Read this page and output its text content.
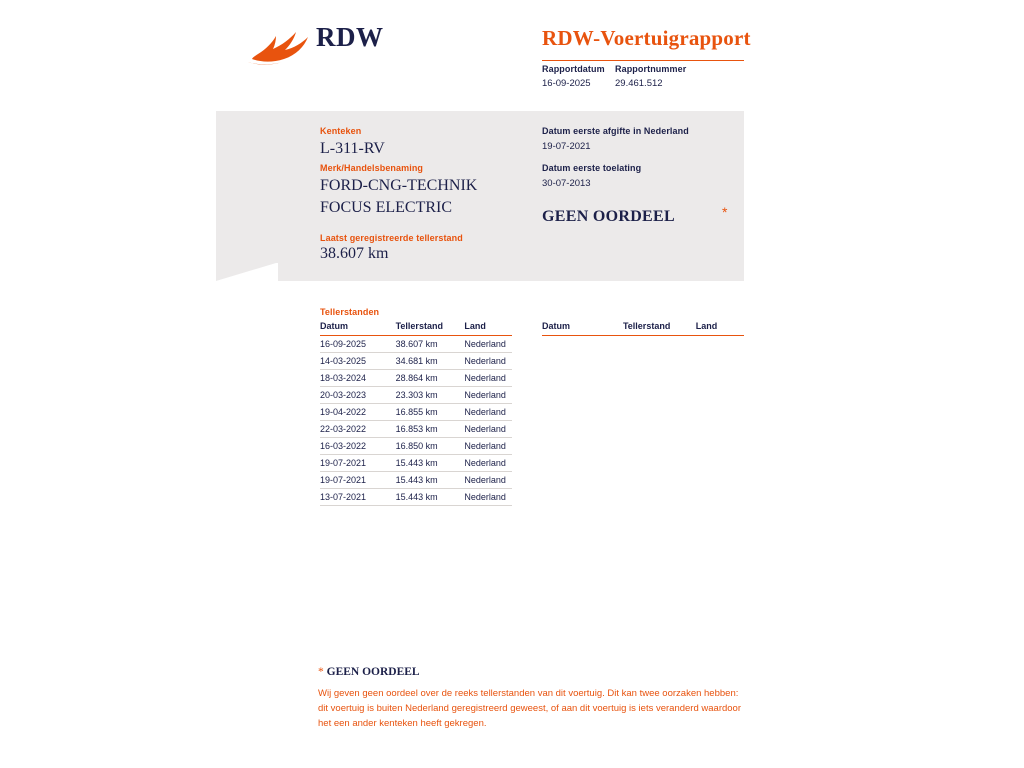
RDW	RDW-Voertuigrapport
Rapportdatum
16-09-2025
Rapportnummer
29.461.512
Kenteken
L-311-RV
Merk/Handelsbenaming
FORD-CNG-TECHNIK
FOCUS ELECTRIC
Laatst geregistreerde tellerstand
38.607 km
Datum eerste afgifte in Nederland
19-07-2021
Datum eerste toelating
30-07-2013
GEEN OORDEEL	*
Tellerstanden
Datum	Tellerstand	Land
16-09-2025	38.607 km	Nederland
14-03-2025	34.681 km	Nederland
18-03-2024	28.864 km	Nederland
20-03-2023	23.303 km	Nederland
19-04-2022	16.855 km	Nederland
22-03-2022	16.853 km	Nederland
16-03-2022	16.850 km	Nederland
19-07-2021	15.443 km	Nederland
19-07-2021	15.443 km	Nederland
13-07-2021	15.443 km	Nederland
Datum	Tellerstand	Land
* GEEN OORDEEL
Wij geven geen oordeel over de reeks tellerstanden van dit voertuig. Dit kan twee oorzaken hebben: dit voertuig is buiten Nederland geregistreerd geweest, of aan dit voertuig is iets veranderd waardoor het een ander kenteken heeft gekregen.
